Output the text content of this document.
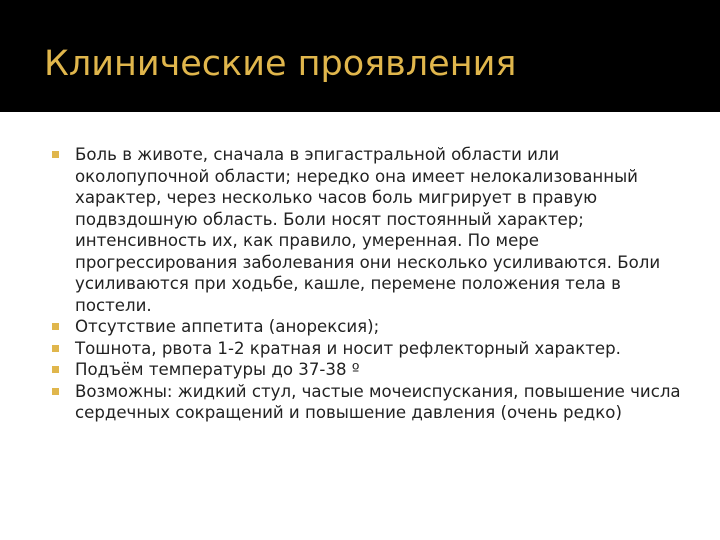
Клинические проявления
Боль в животе, сначала в эпигастральной области или околопупочной области; нередко она имеет нелокализованный характер, через несколько часов боль мигрирует в правую подвздошную область. Боли носят постоянный характер; интенсивность их, как правило, умеренная. По мере прогрессирования заболевания они несколько усиливаются. Боли усиливаются при ходьбе, кашле, перемене положения тела в постели.
Отсутствие аппетита (анорексия);
Тошнота, рвота 1-2 кратная и носит рефлекторный характер.
Подъём температуры до 37-38 º
Возможны: жидкий стул, частые мочеиспускания, повышение числа сердечных сокращений и повышение давления (очень редко)
